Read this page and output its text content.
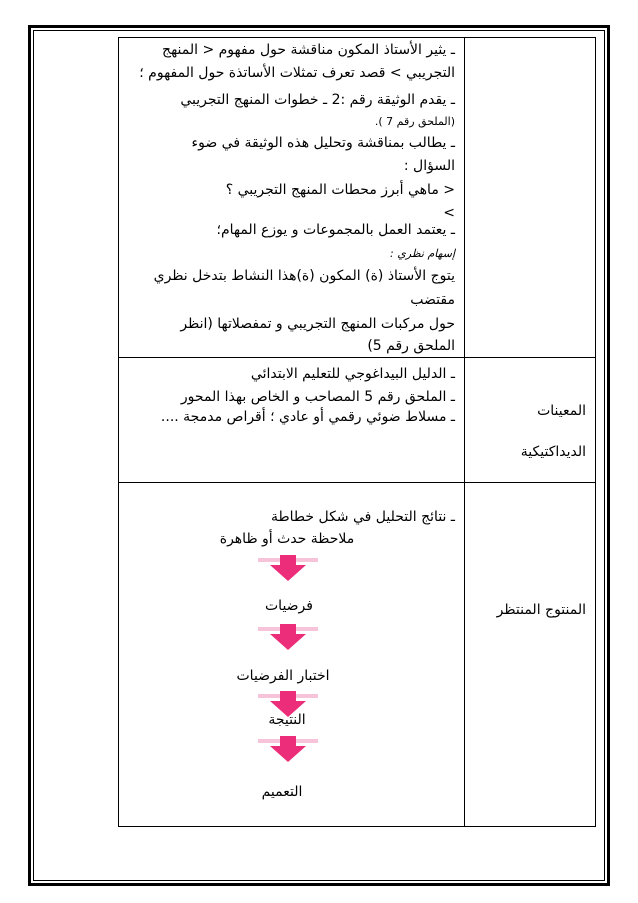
ـ يثير الأستاذ المكون مناقشة حول مفهوم < المنهج
التجريبي > قصد تعرف تمثلات الأساتذة حول المفهوم ؛
ـ يقدم الوثيقة رقم :2 ـ خطوات المنهج التجريبي
(الملحق رقم 7 ).
ـ يطالب بمناقشة وتحليل هذه الوثيقة في ضوء
السؤال :
< ماهي أبرز محطات المنهج التجريبي ؟
>
ـ يعتمد العمل بالمجموعات و يوزع المهام؛
إسهام نظري :
يتوج الأستاذ (ة) المكون (ة)هذا النشاط بتدخل نظري
مقتضب
حول مركبات المنهج التجريبي و تمفصلاتها (انظر
الملحق رقم 5)
المعينات
الديداكتيكية
ـ الدليل البيداغوجي للتعليم الابتدائي
ـ الملحق رقم 5 المصاحب و الخاص بهذا المحور
ـ مسلاط ضوئي رقمي أو عادي ؛ أقراص مدمجة ....
المنتوج المنتظر
ـ نتائج التحليل في شكل خطاطة
ملاحظة حدث أو ظاهرة
فرضيات
اختبار الفرضيات
النتيجة
التعميم
